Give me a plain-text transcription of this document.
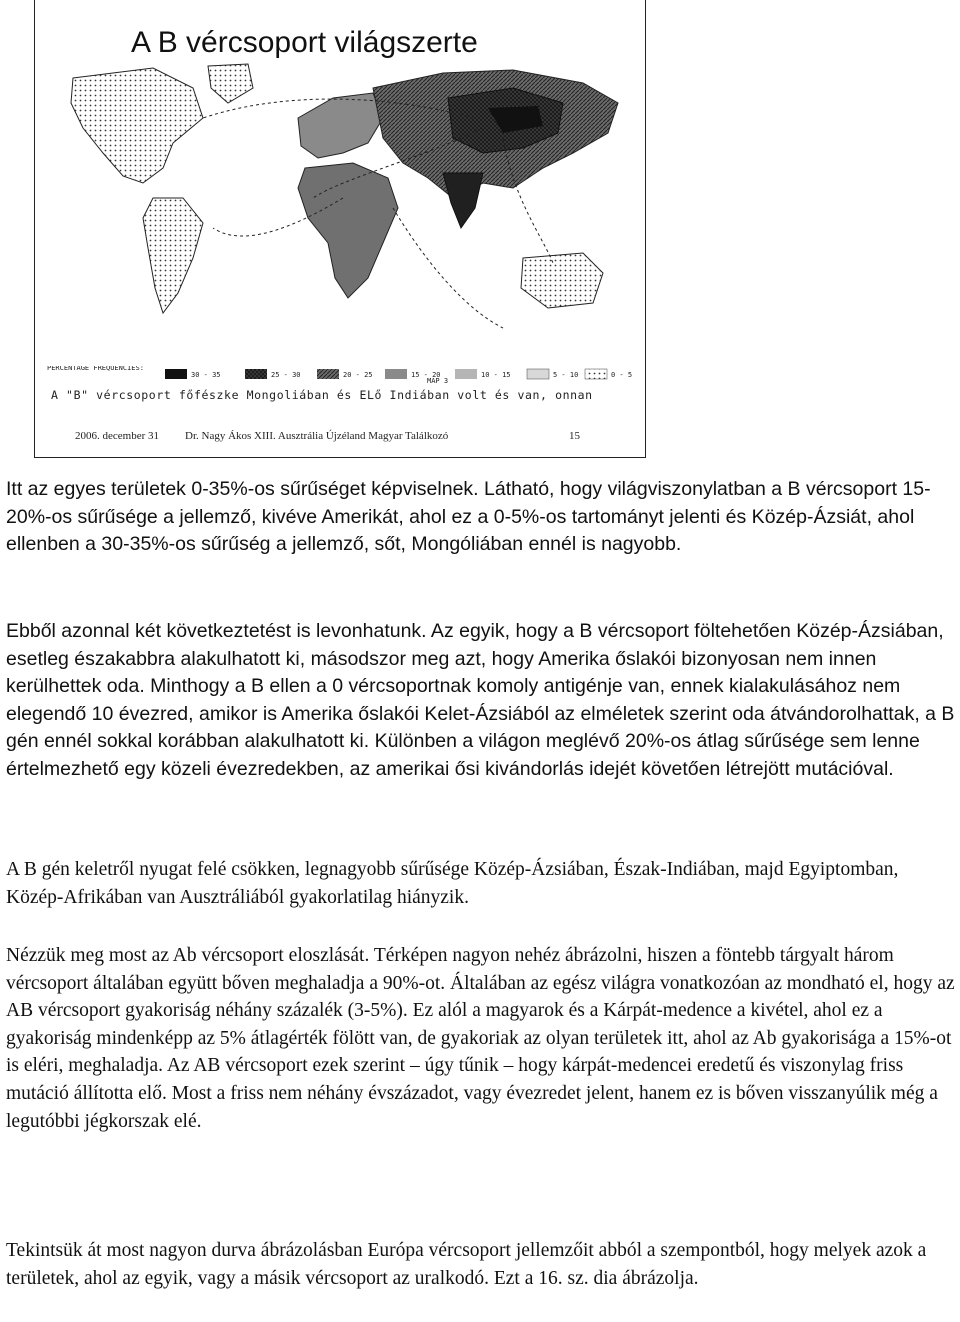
A B vércsoport világszerte
PERCENTAGE FREQUENCIES:
30 - 35	25 - 30	20 - 25	15 - 20	10 - 15
MAP 3
5 - 10	0 - 5
A "B" vércsoport főfészke Mongoliában és ELő Indiában volt és van, onnan
2006. december 31 Dr. Nagy Ákos XIII. Ausztrália Újzéland Magyar Találkozó	15

Itt az egyes területek 0-35%-os sűrűséget képviselnek. Látható, hogy világviszonylatban a B vércsoport 15-20%-os sűrűsége a jellemző, kivéve Amerikát, ahol ez a 0-5%-os tartományt jelenti és Közép-Ázsiát, ahol ellenben a 30-35%-os sűrűség a jellemző, sőt, Mongóliában ennél is nagyobb.

Ebből azonnal két következtetést is levonhatunk. Az egyik, hogy a B vércsoport föltehetően Közép-Ázsiában, esetleg északabbra alakulhatott ki, másodszor meg azt, hogy Amerika őslakói bizonyosan nem innen kerülhettek oda. Minthogy a B ellen a 0 vércsoportnak komoly antigénje van, ennek kialakulásához nem elegendő 10 évezred, amikor is Amerika őslakói Kelet-Ázsiából az elméletek szerint oda átvándorolhattak, a B gén ennél sokkal korábban alakulhatott ki. Különben a világon meglévő 20%-os átlag sűrűsége sem lenne értelmezhető egy közeli évezredekben, az amerikai ősi kivándorlás idejét követően létrejött mutációval.

A B gén keletről nyugat felé csökken, legnagyobb sűrűsége Közép-Ázsiában, Észak-Indiában, majd Egyiptomban, Közép-Afrikában van Ausztráliából gyakorlatilag hiányzik.

Nézzük meg most az Ab vércsoport eloszlását. Térképen nagyon nehéz ábrázolni, hiszen a föntebb tárgyalt három vércsoport általában együtt bőven meghaladja a 90%-ot. Általában az egész világra vonatkozóan az mondható el, hogy az AB vércsoport gyakoriság néhány százalék (3-5%). Ez alól a magyarok és a Kárpát-medence a kivétel, ahol ez a gyakoriság mindenképp az 5% átlagérték fölött van, de gyakoriak az olyan területek itt, ahol az Ab gyakorisága a 15%-ot is eléri, meghaladja. Az AB vércsoport ezek szerint – úgy tűnik – hogy kárpát-medencei eredetű és viszonylag friss mutáció állította elő. Most a friss nem néhány évszázadot, vagy évezredet jelent, hanem ez is bőven visszanyúlik még a legutóbbi jégkorszak elé.

Tekintsük át most nagyon durva ábrázolásban Európa vércsoport jellemzőit abból a szempontból, hogy melyek azok a területek, ahol az egyik, vagy a másik vércsoport az uralkodó. Ezt a 16. sz. dia ábrázolja.
